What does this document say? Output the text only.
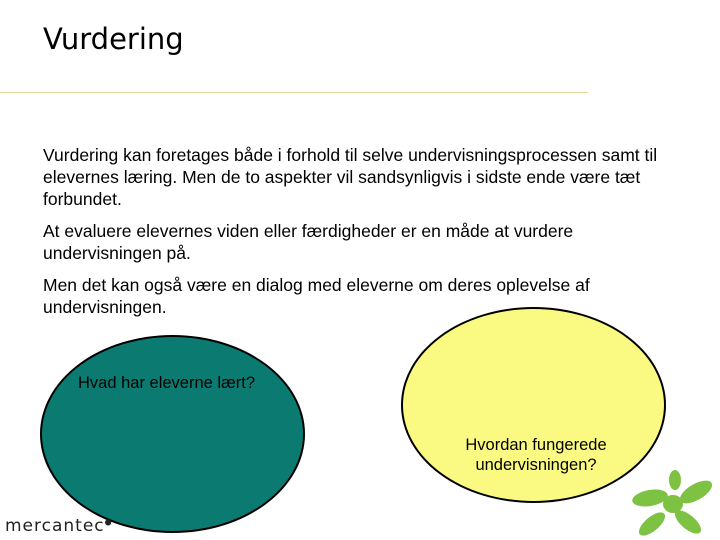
Vurdering

Vurdering kan foretages både i forhold til selve undervisningsprocessen samt til elevernes læring. Men de to aspekter vil sandsynligvis i sidste ende være tæt forbundet.

At evaluere elevernes viden eller færdigheder er en måde at vurdere undervisningen på.

Men det kan også være en dialog med eleverne om deres oplevelse af undervisningen.

Hvad har eleverne lært?
Hvordan fungerede undervisningen?
mercantec●
